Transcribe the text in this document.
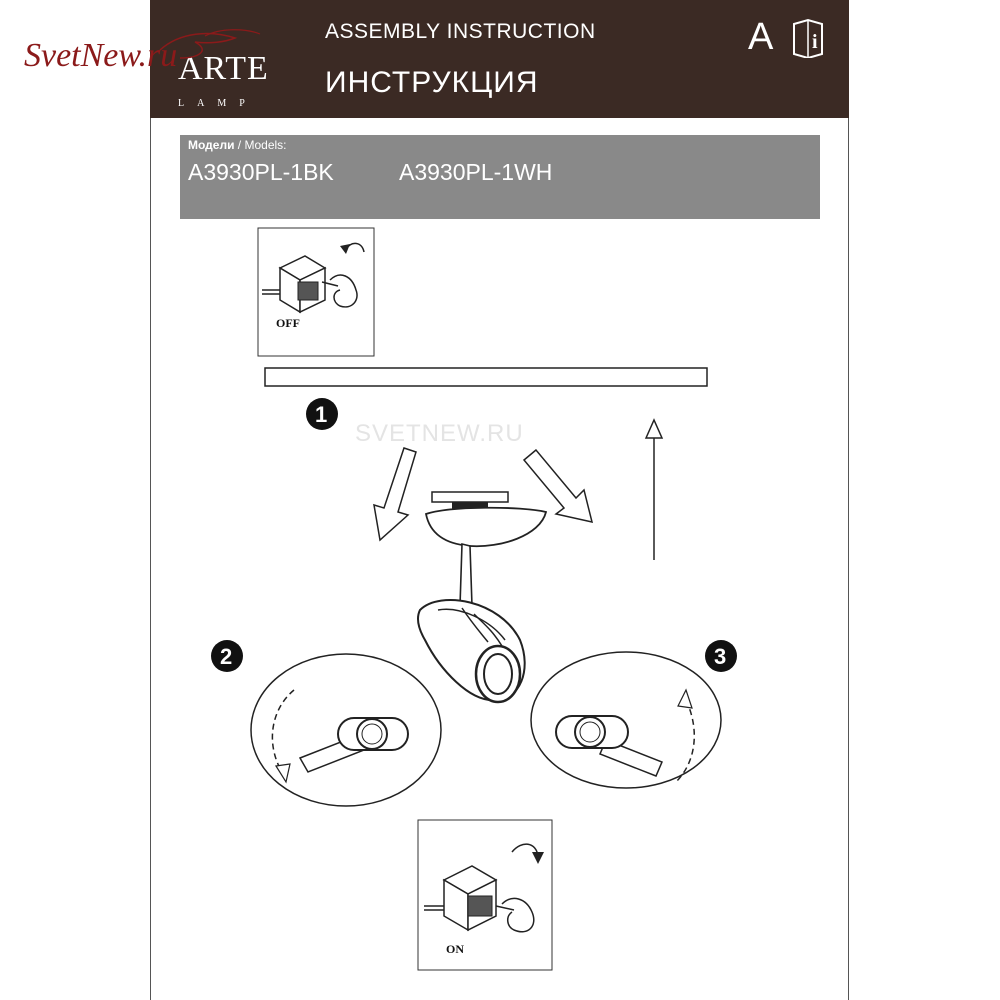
ARTE
LAMP
ASSEMBLY INSTRUCTION
ИНСТРУКЦИЯ
A i
SvetNew.ru
SVETNEW.RU
Модели / Models:
A3930PL-1BK	A3930PL-1WH
OFF
1
2	3
ON
